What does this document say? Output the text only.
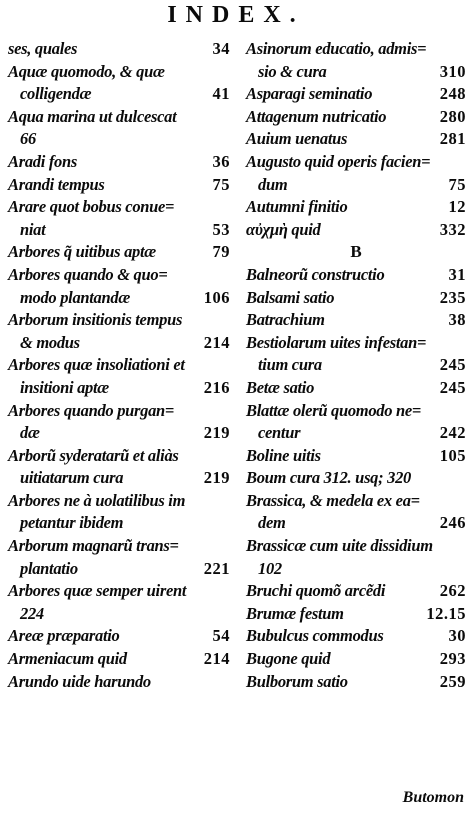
INDEX.
ses, quales	34
Aquæ quomodo, & quæ
colligendæ	41
Aqua marina ut dulcescat
66
Aradi fons	36
Arandi tempus	75
Arare quot bobus conue=
niat	53
Arbores q̃ uitibus aptæ	79
Arbores quando & quo=
modo plantandæ	106
Arborum insitionis tempus
& modus	214
Arbores quæ insoliationi et
insitioni aptæ	216
Arbores quando purgan=
dæ	219
Arborũ syderatarũ et aliàs
uitiatarum cura	219
Arbores ne à uolatilibus im
petantur ibidem
Arborum magnarũ trans=
plantatio	221
Arbores quæ semper uirent
224
Areæ præparatio	54
Armeniacum quid	214
Arundo uide harundo
Asinorum educatio, admis=
sio & cura	310
Asparagi seminatio	248
Attagenum nutricatio	280
Auium uenatus	281
Augusto quid operis facien=
dum	75
Autumni finitio	12
αὐχμὴ quid	332
B
Balneorũ constructio	31
Balsami satio	235
Batrachium	38
Bestiolarum uites infestan=
tium cura	245
Betæ satio	245
Blattæ olerũ quomodo ne=
centur	242
Boline uitis	105
Boum cura 312. usq; 320
Brassica, & medela ex ea=
dem	246
Brassicæ cum uite dissidium
102
Bruchi quomõ arcẽdi	262
Brumæ festum	12.15
Bubulcus commodus	30
Bugone quid	293
Bulborum satio	259
Butomon
